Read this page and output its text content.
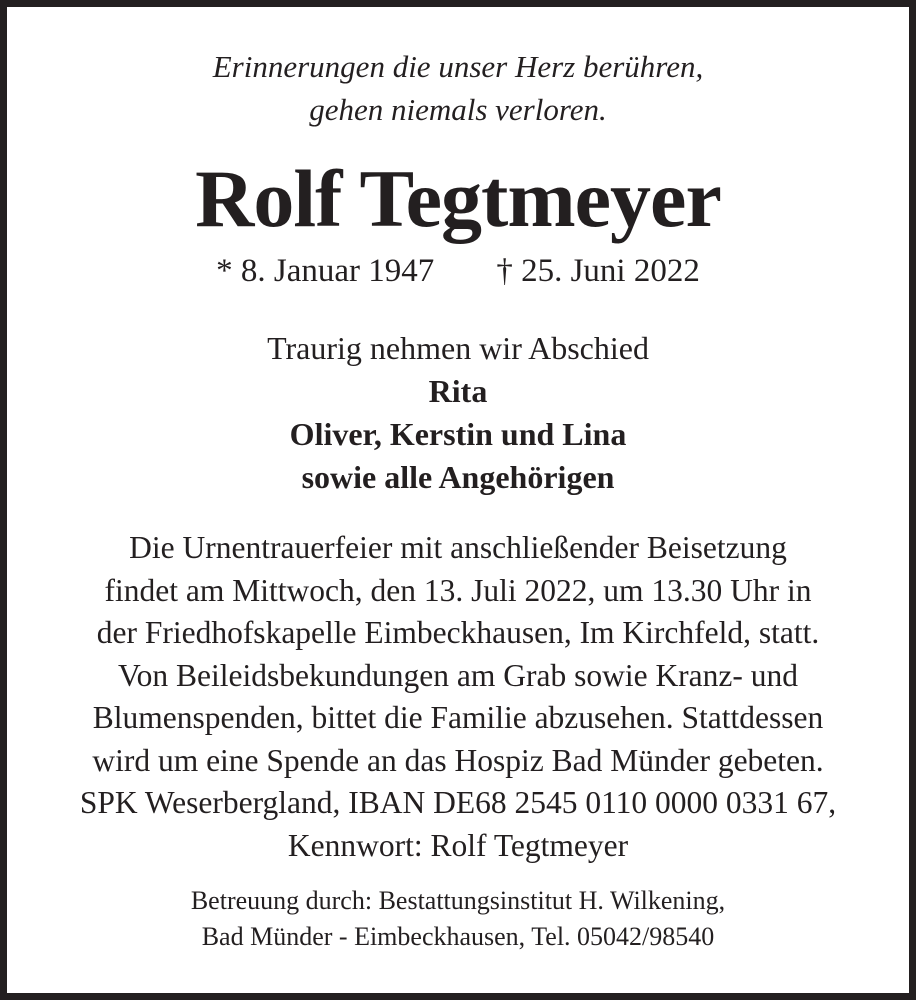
Erinnerungen die unser Herz berühren,
gehen niemals verloren.
Rolf Tegtmeyer
* 8. Januar 1947 † 25. Juni 2022
Traurig nehmen wir Abschied
Rita
Oliver, Kerstin und Lina
sowie alle Angehörigen
Die Urnentrauerfeier mit anschließender Beisetzung
findet am Mittwoch, den 13. Juli 2022, um 13.30 Uhr in
der Friedhofskapelle Eimbeckhausen, Im Kirchfeld, statt.
Von Beileidsbekundungen am Grab sowie Kranz- und
Blumenspenden, bittet die Familie abzusehen. Stattdessen
wird um eine Spende an das Hospiz Bad Münder gebeten.
SPK Weserbergland, IBAN DE68 2545 0110 0000 0331 67,
Kennwort: Rolf Tegtmeyer
Betreuung durch: Bestattungsinstitut H. Wilkening,
Bad Münder - Eimbeckhausen, Tel. 05042/98540
